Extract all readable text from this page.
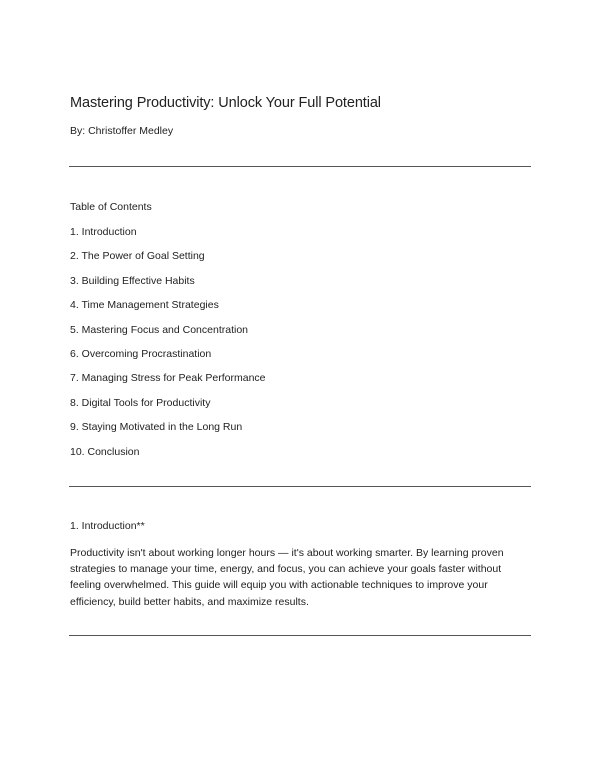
Mastering Productivity: Unlock Your Full Potential
By: Christoffer Medley
Table of Contents
1. Introduction
2. The Power of Goal Setting
3. Building Effective Habits
4. Time Management Strategies
5. Mastering Focus and Concentration
6. Overcoming Procrastination
7. Managing Stress for Peak Performance
8. Digital Tools for Productivity
9. Staying Motivated in the Long Run
10. Conclusion
1. Introduction**

Productivity isn't about working longer hours — it's about working smarter. By learning proven strategies to manage your time, energy, and focus, you can achieve your goals faster without feeling overwhelmed. This guide will equip you with actionable techniques to improve your efficiency, build better habits, and maximize results.
